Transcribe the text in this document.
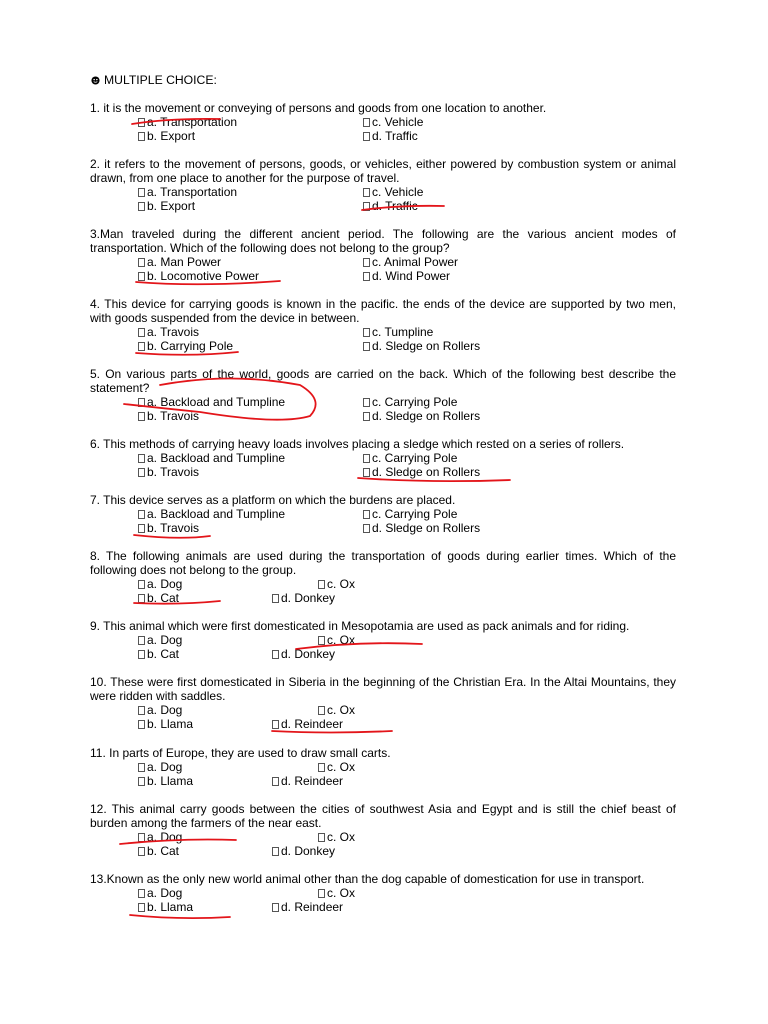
MULTIPLE CHOICE:
1. it is the movement or conveying of persons and goods from one location to another.
a. Transportation
b. Export
c. Vehicle
d. Traffic
2. it refers to the movement of persons, goods, or vehicles, either powered by combustion system or animal drawn, from one place to another for the purpose of travel.
a. Transportation
b. Export
c. Vehicle
d. Traffic
3.Man traveled during the different ancient period. The following are the various ancient modes of transportation. Which of the following does not belong to the group?
a. Man Power
b. Locomotive Power
c. Animal Power
d. Wind Power
4. This device for carrying goods is known in the pacific. the ends of the device are supported by two men, with goods suspended from the device in between.
a. Travois
b. Carrying Pole
c. Tumpline
d. Sledge on Rollers
5. On various parts of the world, goods are carried on the back. Which of the following best describe the statement?
a. Backload and Tumpline
b. Travois
c. Carrying Pole
d. Sledge on Rollers
6. This methods of carrying heavy loads involves placing a sledge which rested on a series of rollers.
a. Backload and Tumpline
b. Travois
c. Carrying Pole
d. Sledge on Rollers
7. This device serves as a platform on which the burdens are placed.
a. Backload and Tumpline
b. Travois
c. Carrying Pole
d. Sledge on Rollers
8. The following animals are used during the transportation of goods during earlier times. Which of the following does not belong to the group.
a. Dog
b. Cat
c. Ox
d. Donkey
9. This animal which were first domesticated in Mesopotamia are used as pack animals and for riding.
a. Dog
b. Cat
c. Ox
d. Donkey
10. These were first domesticated in Siberia in the beginning of the Christian Era. In the Altai Mountains, they were ridden with saddles.
a. Dog
b. Llama
c. Ox
d. Reindeer
11. In parts of Europe, they are used to draw small carts.
a. Dog
b. Llama
c. Ox
d. Reindeer
12. This animal carry goods between the cities of southwest Asia and Egypt and is still the chief beast of burden among the farmers of the near east.
a. Dog
b. Cat
c. Ox
d. Donkey
13.Known as the only new world animal other than the dog capable of domestication for use in transport.
a. Dog
b. Llama
c. Ox
d. Reindeer
